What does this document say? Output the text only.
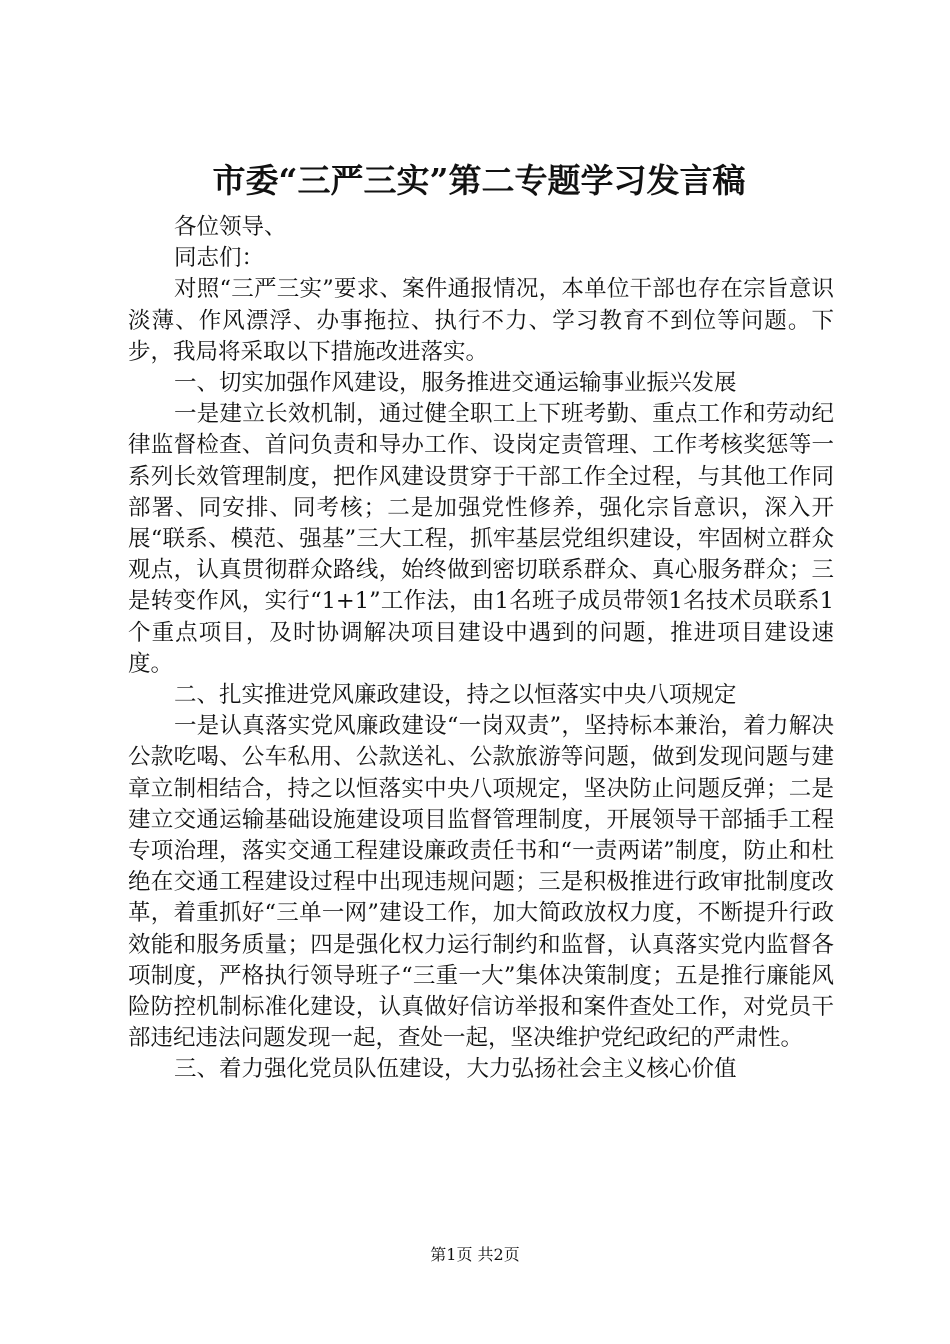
市委“三严三实”第二专题学习发言稿

各位领导、

同志们：

对照“三严三实”要求、案件通报情况，本单位干部也存在宗旨意识淡薄、作风漂浮、办事拖拉、执行不力、学习教育不到位等问题。下步，我局将采取以下措施改进落实。

一、切实加强作风建设，服务推进交通运输事业振兴发展

一是建立长效机制，通过健全职工上下班考勤、重点工作和劳动纪律监督检查、首问负责和导办工作、设岗定责管理、工作考核奖惩等一系列长效管理制度，把作风建设贯穿于干部工作全过程，与其他工作同部署、同安排、同考核；二是加强党性修养，强化宗旨意识，深入开展“联系、模范、强基”三大工程，抓牢基层党组织建设，牢固树立群众观点，认真贯彻群众路线，始终做到密切联系群众、真心服务群众；三是转变作风，实行“1+1”工作法，由1名班子成员带领1名技术员联系1个重点项目，及时协调解决项目建设中遇到的问题，推进项目建设速度。

二、扎实推进党风廉政建设，持之以恒落实中央八项规定

一是认真落实党风廉政建设“一岗双责”，坚持标本兼治，着力解决公款吃喝、公车私用、公款送礼、公款旅游等问题，做到发现问题与建章立制相结合，持之以恒落实中央八项规定，坚决防止问题反弹；二是建立交通运输基础设施建设项目监督管理制度，开展领导干部插手工程专项治理，落实交通工程建设廉政责任书和“一责两诺”制度，防止和杜绝在交通工程建设过程中出现违规问题；三是积极推进行政审批制度改革，着重抓好“三单一网”建设工作，加大简政放权力度，不断提升行政效能和服务质量；四是强化权力运行制约和监督，认真落实党内监督各项制度，严格执行领导班子“三重一大”集体决策制度；五是推行廉能风险防控机制标准化建设，认真做好信访举报和案件查处工作，对党员干部违纪违法问题发现一起，查处一起，坚决维护党纪政纪的严肃性。

三、着力强化党员队伍建设，大力弘扬社会主义核心价值

第1页 共2页
